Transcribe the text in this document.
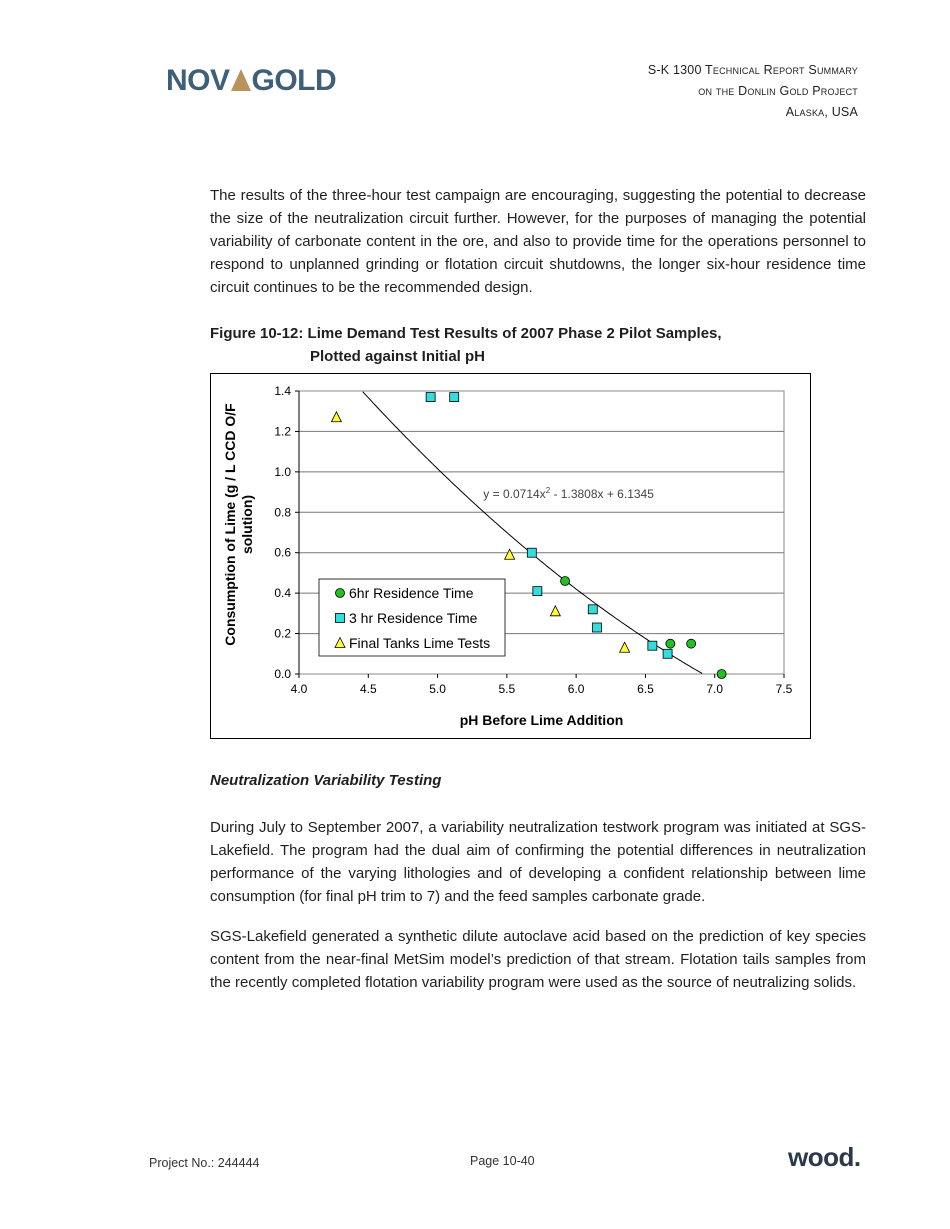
NOV GOLD	S-K 1300 Technical Report Summary
on the Donlin Gold Project
Alaska, USA
The results of the three-hour test campaign are encouraging, suggesting the potential to decrease the size of the neutralization circuit further. However, for the purposes of managing the potential variability of carbonate content in the ore, and also to provide time for the operations personnel to respond to unplanned grinding or flotation circuit shutdowns, the longer six-hour residence time circuit continues to be the recommended design.
Figure 10-12: Lime Demand Test Results of 2007 Phase 2 Pilot Samples,
Plotted against Initial pH
0.0
0.2
0.4
0.6
0.8
1.0
1.2
1.4
4.0	4.5	5.0	5.5	6.0	6.5	7.0	7.5
pH Before Lime Addition
Consumption of Lime (g / L CCD O/F solution)
$y = 0.0714x^2 - 1.3808x + 6.1345$
6hr Residence Time
3 hr Residence Time
Final Tanks Lime Tests
Neutralization Variability Testing
During July to September 2007, a variability neutralization testwork program was initiated at SGS-Lakefield. The program had the dual aim of confirming the potential differences in neutralization performance of the varying lithologies and of developing a confident relationship between lime consumption (for final pH trim to 7) and the feed samples carbonate grade.
SGS-Lakefield generated a synthetic dilute autoclave acid based on the prediction of key species content from the near-final MetSim model’s prediction of that stream. Flotation tails samples from the recently completed flotation variability program were used as the source of neutralizing solids.
Project No.: 244444	Page 10-40	wood.
